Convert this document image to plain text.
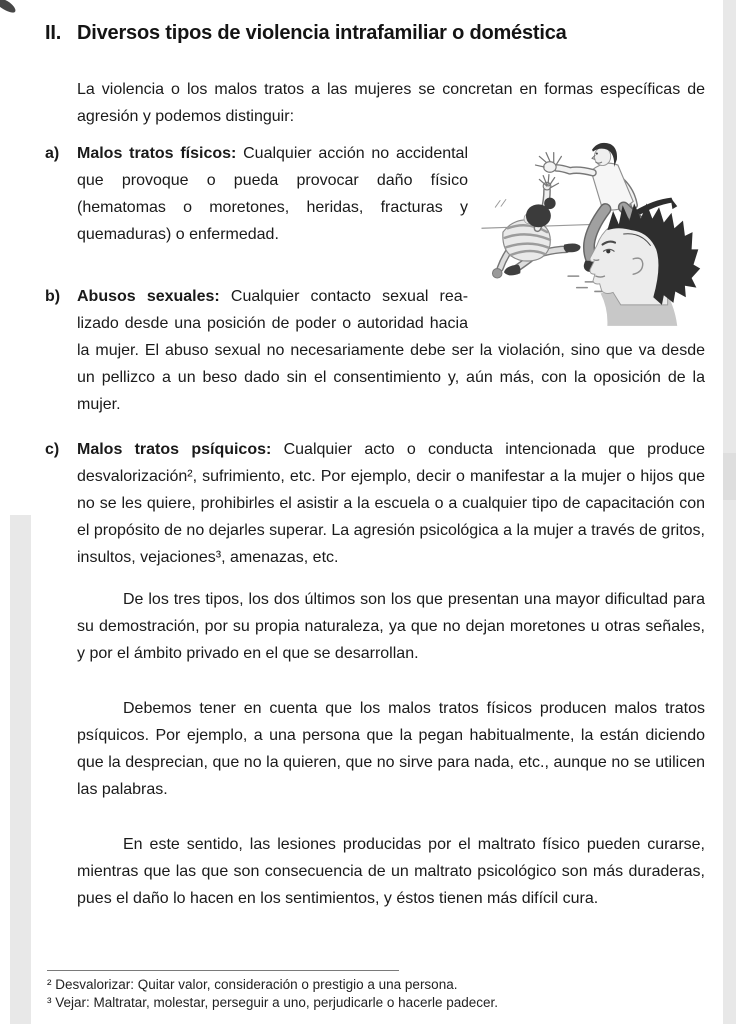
II. Diversos tipos de violencia intrafamiliar o doméstica

La violencia o los malos tratos a las mujeres se concretan en formas específicas de agresión y podemos distinguir:

a) Malos tratos físicos: Cualquier acción no accidental que provoque o pueda provocar daño físico (hematomas o moretones, heridas, fracturas y quemaduras) o enfermedad.

b) Abusos sexuales: Cualquier contacto sexual realizado desde una posición de poder o autoridad hacia la mujer. El abuso sexual no necesariamente debe ser la violación, sino que va desde un pellizco a un beso dado sin el consentimiento y, aún más, con la oposición de la mujer.

c) Malos tratos psíquicos: Cualquier acto o conducta intencionada que produce desvalorización², sufrimiento, etc. Por ejemplo, decir o manifestar a la mujer o hijos que no se les quiere, prohibirles el asistir a la escuela o a cualquier tipo de capacitación con el propósito de no dejarles superar. La agresión psicológica a la mujer a través de gritos, insultos, vejaciones³, amenazas, etc.

De los tres tipos, los dos últimos son los que presentan una mayor dificultad para su demostración, por su propia naturaleza, ya que no dejan moretones u otras señales, y por el ámbito privado en el que se desarrollan.

Debemos tener en cuenta que los malos tratos físicos producen malos tratos psíquicos. Por ejemplo, a una persona que la pegan habitualmente, la están diciendo que la desprecian, que no la quieren, que no sirve para nada, etc., aunque no se utilicen las palabras.

En este sentido, las lesiones producidas por el maltrato físico pueden curarse, mientras que las que son consecuencia de un maltrato psicológico son más duraderas, pues el daño lo hacen en los sentimientos, y éstos tienen más difícil cura.

² Desvalorizar: Quitar valor, consideración o prestigio a una persona.

³ Vejar: Maltratar, molestar, perseguir a uno, perjudicarle o hacerle padecer.
